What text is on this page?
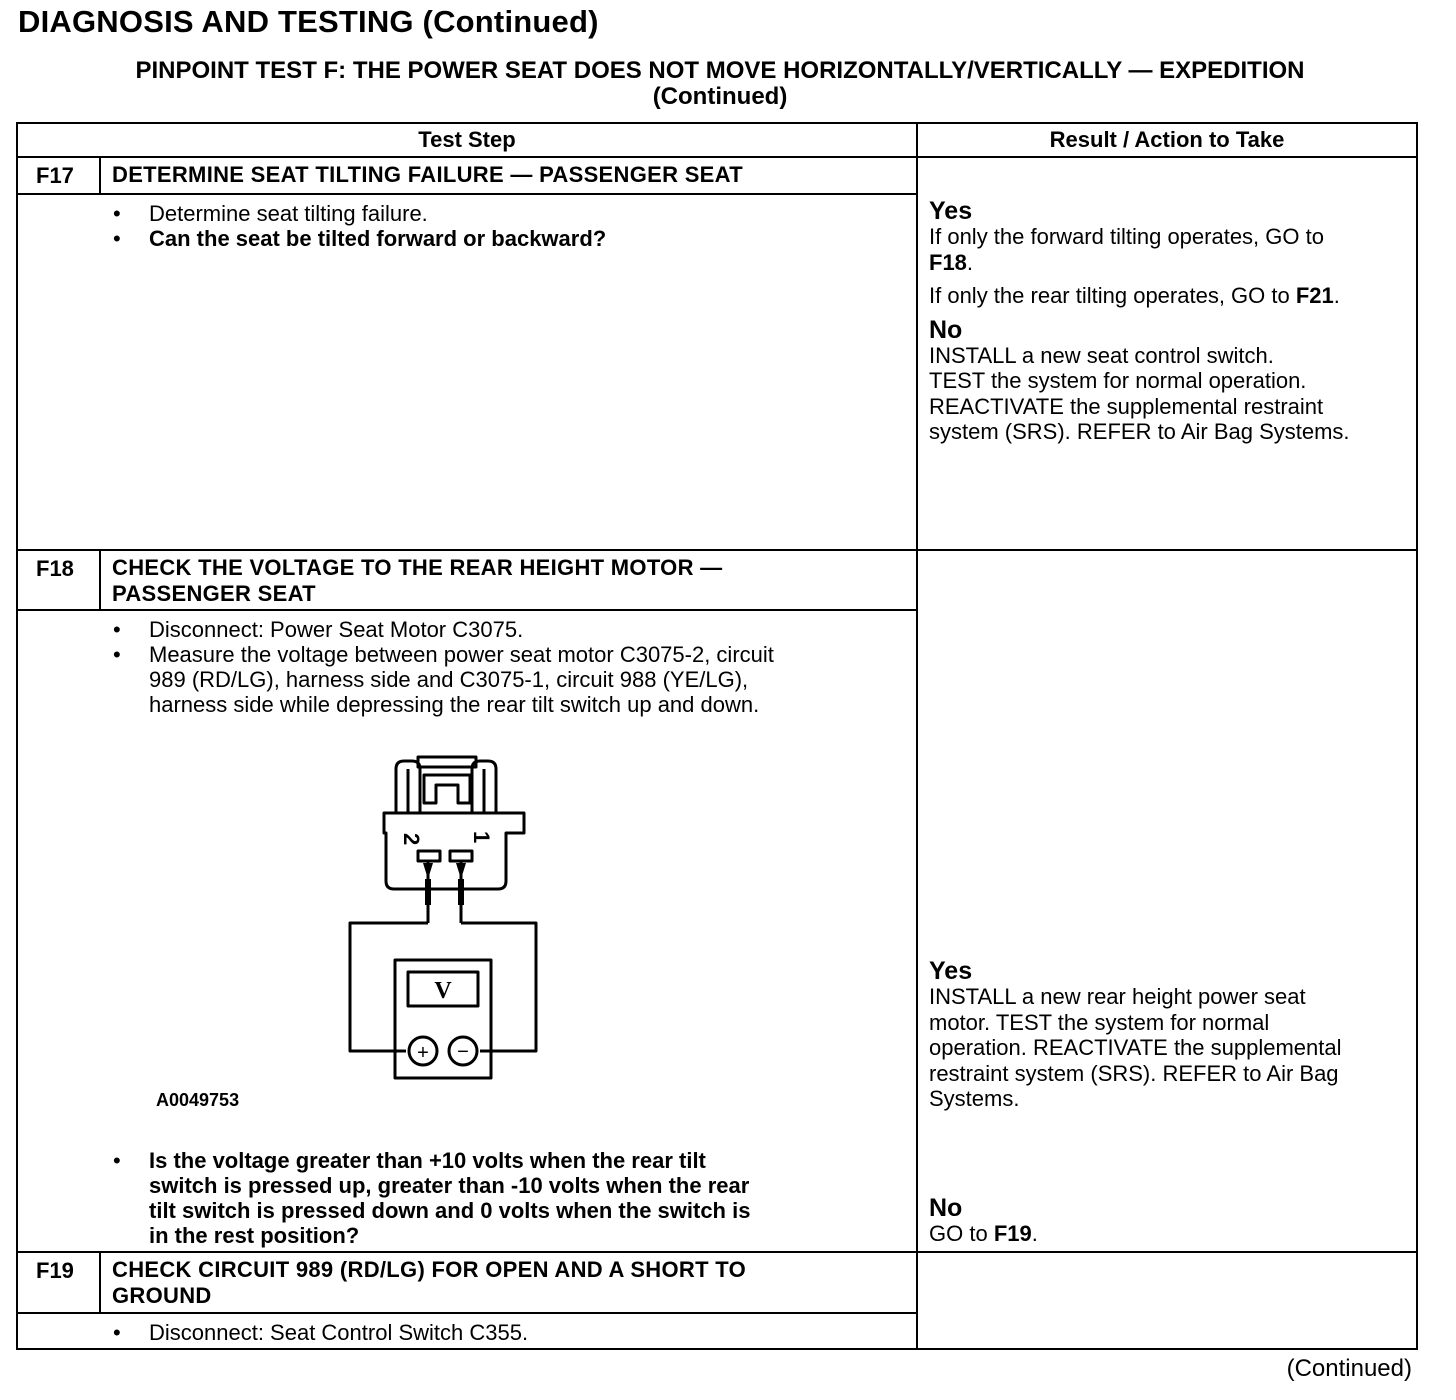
DIAGNOSIS AND TESTING (Continued)
PINPOINT TEST F: THE POWER SEAT DOES NOT MOVE HORIZONTALLY/VERTICALLY — EXPEDITION
(Continued)
Test Step	Result / Action to Take
F17 DETERMINE SEAT TILTING FAILURE — PASSENGER SEAT
• Determine seat tilting failure.
• Can the seat be tilted forward or backward?
Yes
If only the forward tilting operates, GO to
F18.
If only the rear tilting operates, GO to F21.
No
INSTALL a new seat control switch.
TEST the system for normal operation.
REACTIVATE the supplemental restraint
system (SRS). REFER to Air Bag Systems.
F18 CHECK THE VOLTAGE TO THE REAR HEIGHT MOTOR —
PASSENGER SEAT
• Disconnect: Power Seat Motor C3075.
• Measure the voltage between power seat motor C3075-2, circuit
989 (RD/LG), harness side and C3075-1, circuit 988 (YE/LG),
harness side while depressing the rear tilt switch up and down.
2 1
V
+ −
A0049753
• Is the voltage greater than +10 volts when the rear tilt
switch is pressed up, greater than -10 volts when the rear
tilt switch is pressed down and 0 volts when the switch is
in the rest position?
Yes
INSTALL a new rear height power seat
motor. TEST the system for normal
operation. REACTIVATE the supplemental
restraint system (SRS). REFER to Air Bag
Systems.
No
GO to F19.
F19 CHECK CIRCUIT 989 (RD/LG) FOR OPEN AND A SHORT TO
GROUND
• Disconnect: Seat Control Switch C355.
(Continued)
